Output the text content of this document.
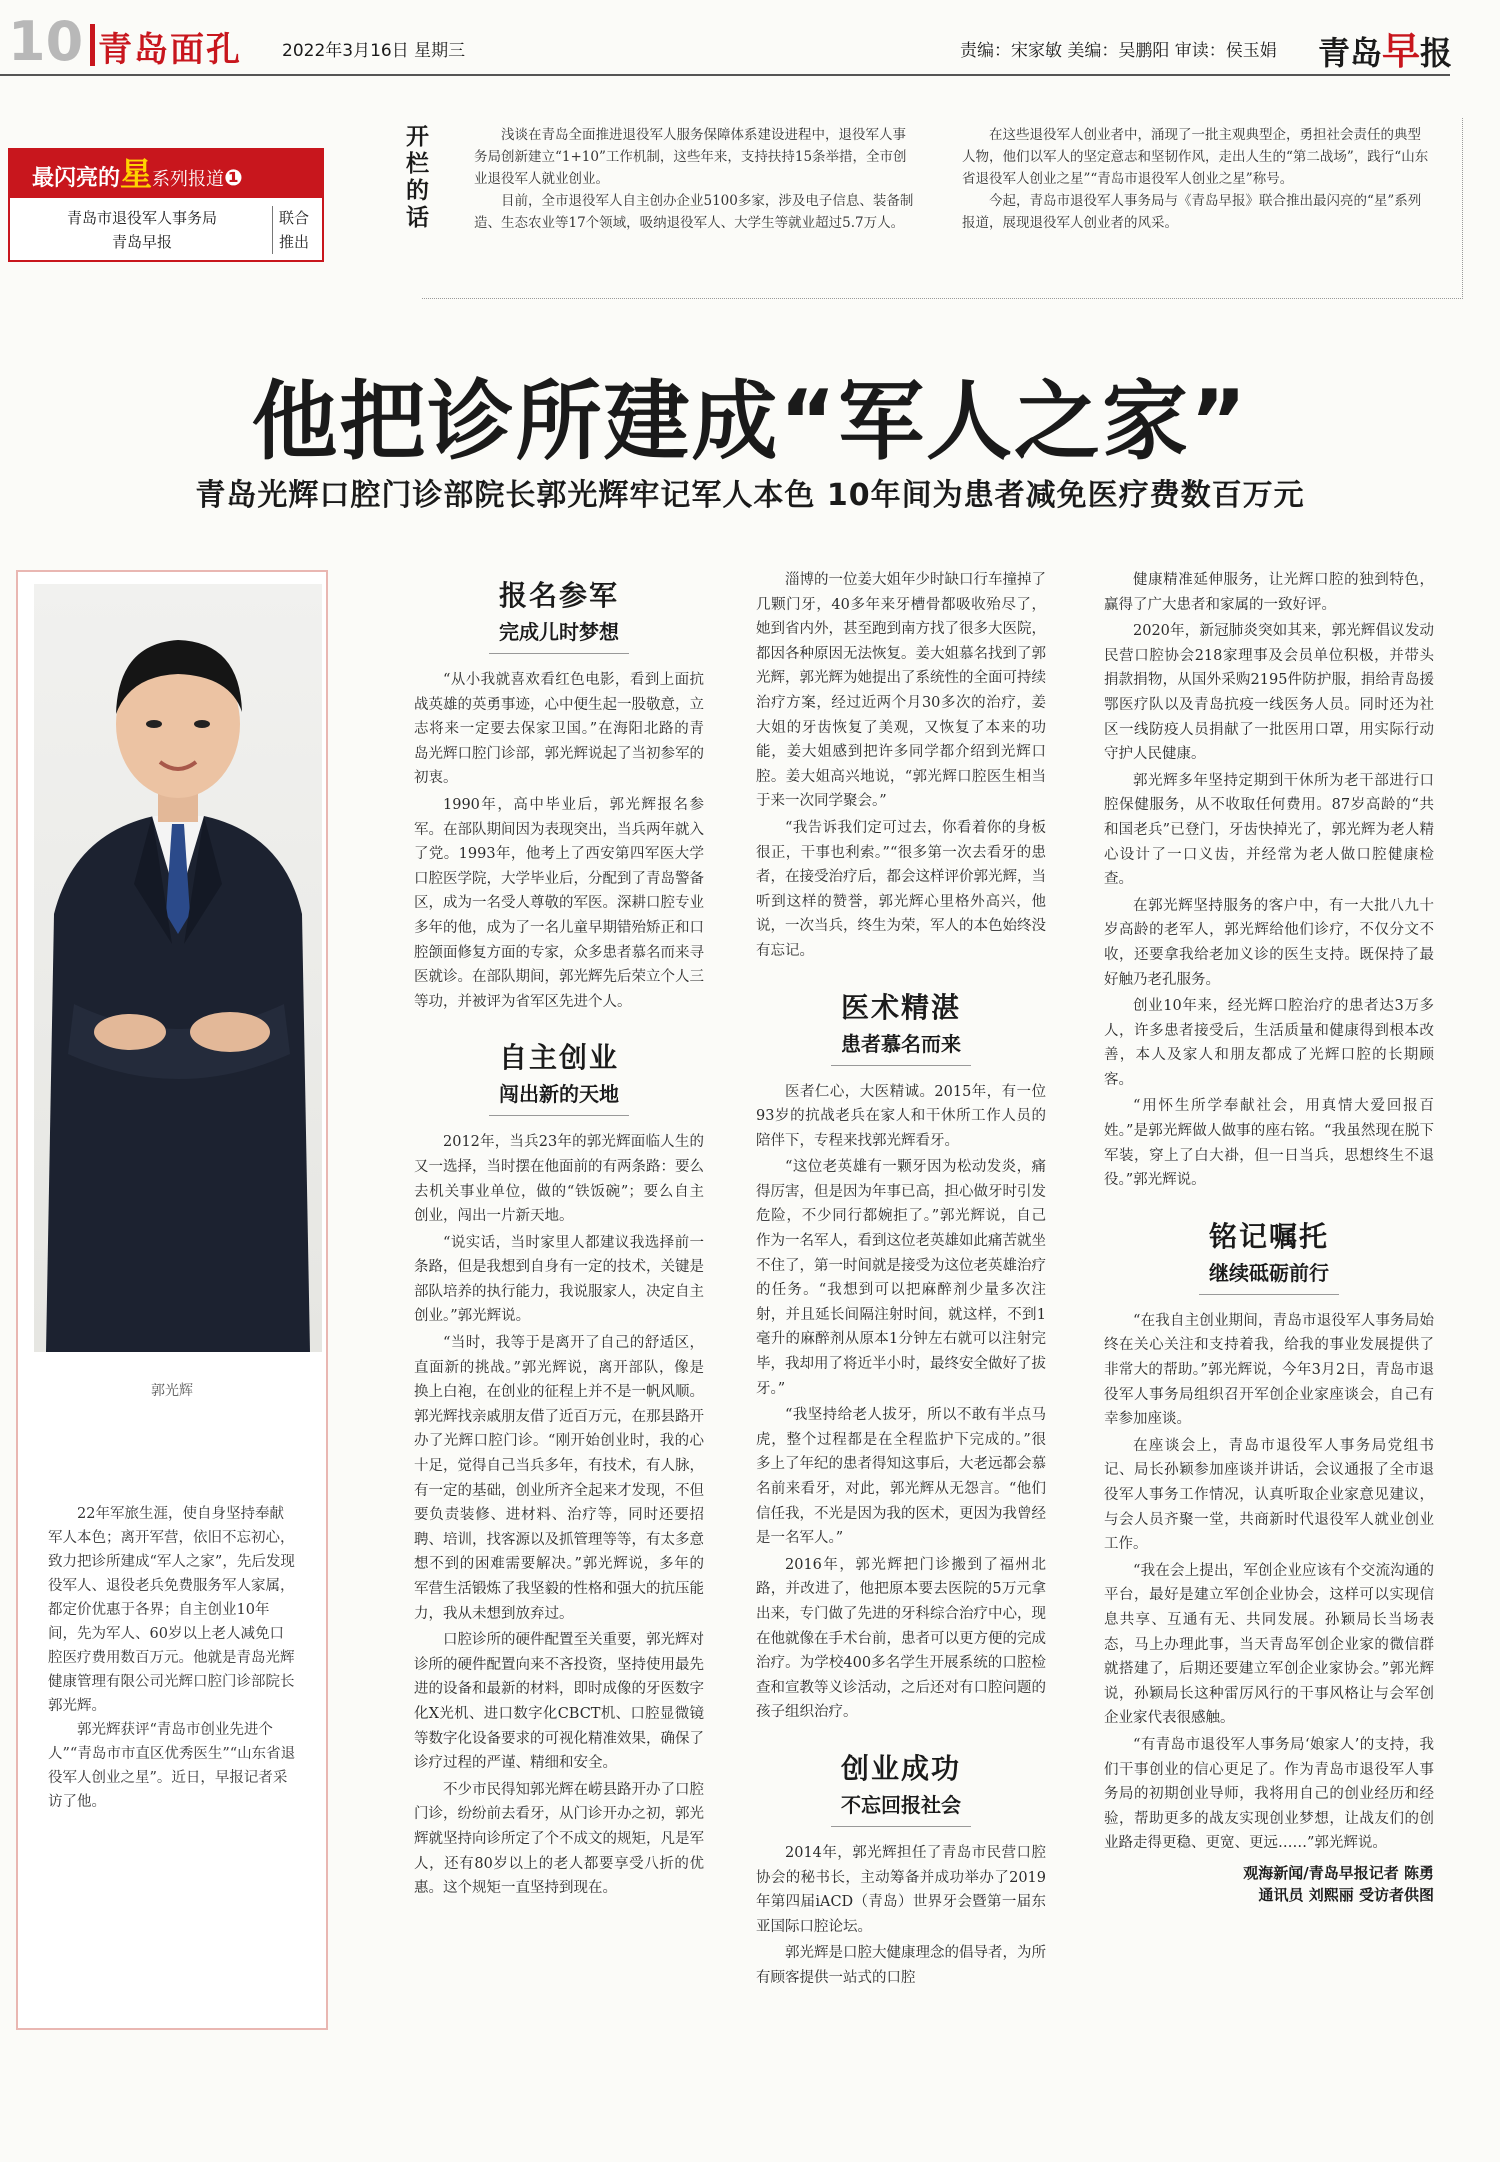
10 青岛面孔 2022年3月16日 星期三	责编：宋家敏 美编：吴鹏阳 审读：侯玉娟 青岛早报
最闪亮的星系列报道❶
青岛市退役军人事务局
青岛早报
联合推出
开栏的话

浅谈在青岛全面推进退役军人服务保障体系建设进程中，退役军人事务局创新建立“1+10”工作机制，这些年来，支持扶持15条举措，全市创业退役军人就业创业。

目前，全市退役军人自主创办企业5100多家，涉及电子信息、装备制造、生态农业等17个领域，吸纳退役军人、大学生等就业超过5.7万人。

在这些退役军人创业者中，涌现了一批主观典型企，勇担社会责任的典型人物，他们以军人的坚定意志和坚韧作风，走出人生的“第二战场”，践行“山东省退役军人创业之星”“青岛市退役军人创业之星”称号。

今起，青岛市退役军人事务局与《青岛早报》联合推出最闪亮的“星”系列报道，展现退役军人创业者的风采。

他把诊所建成“军人之家”
青岛光辉口腔门诊部院长郭光辉牢记军人本色 10年间为患者减免医疗费数百万元
郭光辉

22年军旅生涯，使自身坚持奉献军人本色；离开军营，依旧不忘初心，致力把诊所建成“军人之家”，先后发现役军人、退役老兵免费服务军人家属，都定价优惠于各界；自主创业10年间，先为军人、60岁以上老人减免口腔医疗费用数百万元。他就是青岛光辉健康管理有限公司光辉口腔门诊部院长郭光辉。

郭光辉获评“青岛市创业先进个人”“青岛市市直区优秀医生”“山东省退役军人创业之星”。近日，早报记者采访了他。

报名参军
完成儿时梦想

“从小我就喜欢看红色电影，看到上面抗战英雄的英勇事迹，心中便生起一股敬意，立志将来一定要去保家卫国。”在海阳北路的青岛光辉口腔门诊部，郭光辉说起了当初参军的初衷。

1990年，高中毕业后，郭光辉报名参军。在部队期间因为表现突出，当兵两年就入了党。1993年，他考上了西安第四军医大学口腔医学院，大学毕业后，分配到了青岛警备区，成为一名受人尊敬的军医。深耕口腔专业多年的他，成为了一名儿童早期错殆矫正和口腔颌面修复方面的专家，众多患者慕名而来寻医就诊。在部队期间，郭光辉先后荣立个人三等功，并被评为省军区先进个人。

自主创业
闯出新的天地

2012年，当兵23年的郭光辉面临人生的又一选择，当时摆在他面前的有两条路：要么去机关事业单位，做的“铁饭碗”；要么自主创业，闯出一片新天地。

“说实话，当时家里人都建议我选择前一条路，但是我想到自身有一定的技术，关键是部队培养的执行能力，我说服家人，决定自主创业。”郭光辉说。

“当时，我等于是离开了自己的舒适区，直面新的挑战。”郭光辉说，离开部队，像是换上白袍，在创业的征程上并不是一帆风顺。郭光辉找亲戚朋友借了近百万元，在那县路开办了光辉口腔门诊。“刚开始创业时，我的心十足，觉得自己当兵多年，有技术，有人脉，有一定的基础，创业所齐全起来才发现，不但要负责装修、进材料、治疗等，同时还要招聘、培训，找客源以及抓管理等等，有太多意想不到的困难需要解决。”郭光辉说，多年的军营生活锻炼了我坚毅的性格和强大的抗压能力，我从未想到放弃过。

口腔诊所的硬件配置至关重要，郭光辉对诊所的硬件配置向来不吝投资，坚持使用最先进的设备和最新的材料，即时成像的牙医数字化X光机、进口数字化CBCT机、口腔显微镜等数字化设备要求的可视化精准效果，确保了诊疗过程的严谨、精细和安全。

不少市民得知郭光辉在崂县路开办了口腔门诊，纷纷前去看牙，从门诊开办之初，郭光辉就坚持向诊所定了个不成文的规矩，凡是军人，还有80岁以上的老人都要享受八折的优惠。这个规矩一直坚持到现在。

淄博的一位姜大姐年少时缺口行车撞掉了几颗门牙，40多年来牙槽骨都吸收殆尽了，她到省内外，甚至跑到南方找了很多大医院，都因各种原因无法恢复。姜大姐慕名找到了郭光辉，郭光辉为她提出了系统性的全面可持续治疗方案，经过近两个月30多次的治疗，姜大姐的牙齿恢复了美观，又恢复了本来的功能，姜大姐感到把许多同学都介绍到光辉口腔。姜大姐高兴地说，“郭光辉口腔医生相当于来一次同学聚会。”

“我告诉我们定可过去，你看着你的身板很正，干事也利索。”“很多第一次去看牙的患者，在接受治疗后，都会这样评价郭光辉，当听到这样的赞誉，郭光辉心里格外高兴，他说，一次当兵，终生为荣，军人的本色始终没有忘记。

医术精湛
患者慕名而来

医者仁心，大医精诚。2015年，有一位93岁的抗战老兵在家人和干休所工作人员的陪伴下，专程来找郭光辉看牙。

“这位老英雄有一颗牙因为松动发炎，痛得厉害，但是因为年事已高，担心做牙时引发危险，不少同行都婉拒了。”郭光辉说，自己作为一名军人，看到这位老英雄如此痛苦就坐不住了，第一时间就是接受为这位老英雄治疗的任务。“我想到可以把麻醉剂少量多次注射，并且延长间隔注射时间，就这样，不到1毫升的麻醉剂从原本1分钟左右就可以注射完毕，我却用了将近半小时，最终安全做好了拔牙。”

“我坚持给老人拔牙，所以不敢有半点马虎，整个过程都是在全程监护下完成的。”很多上了年纪的患者得知这事后，大老远都会慕名前来看牙，对此，郭光辉从无怨言。“他们信任我，不光是因为我的医术，更因为我曾经是一名军人。”

2016年，郭光辉把门诊搬到了福州北路，并改进了，他把原本要去医院的5万元拿出来，专门做了先进的牙科综合治疗中心，现在他就像在手术台前，患者可以更方便的完成治疗。为学校400多名学生开展系统的口腔检查和宣教等义诊活动，之后还对有口腔问题的孩子组织治疗。

创业成功
不忘回报社会

2014年，郭光辉担任了青岛市民营口腔协会的秘书长，主动筹备并成功举办了2019年第四届iACD（青岛）世界牙会暨第一届东亚国际口腔论坛。

郭光辉是口腔大健康理念的倡导者，为所有顾客提供一站式的口腔

健康精准延伸服务，让光辉口腔的独到特色，赢得了广大患者和家属的一致好评。

2020年，新冠肺炎突如其来，郭光辉倡议发动民营口腔协会218家理事及会员单位积极，并带头捐款捐物，从国外采购2195件防护服，捐给青岛援鄂医疗队以及青岛抗疫一线医务人员。同时还为社区一线防疫人员捐献了一批医用口罩，用实际行动守护人民健康。

郭光辉多年坚持定期到干休所为老干部进行口腔保健服务，从不收取任何费用。87岁高龄的“共和国老兵”已登门，牙齿快掉光了，郭光辉为老人精心设计了一口义齿，并经常为老人做口腔健康检查。

在郭光辉坚持服务的客户中，有一大批八九十岁高龄的老军人，郭光辉给他们诊疗，不仅分文不收，还要拿我给老加义诊的医生支持。既保持了最好触乃老孔服务。

创业10年来，经光辉口腔治疗的患者达3万多人，许多患者接受后，生活质量和健康得到根本改善，本人及家人和朋友都成了光辉口腔的长期顾客。

“用怀生所学奉献社会，用真情大爱回报百姓。”是郭光辉做人做事的座右铭。“我虽然现在脱下军装，穿上了白大褂，但一日当兵，思想终生不退役。”郭光辉说。

铭记嘱托
继续砥砺前行

“在我自主创业期间，青岛市退役军人事务局始终在关心关注和支持着我，给我的事业发展提供了非常大的帮助。”郭光辉说，今年3月2日，青岛市退役军人事务局组织召开军创企业家座谈会，自己有幸参加座谈。

在座谈会上，青岛市退役军人事务局党组书记、局长孙颖参加座谈并讲话，会议通报了全市退役军人事务工作情况，认真听取企业家意见建议，与会人员齐聚一堂，共商新时代退役军人就业创业工作。

“我在会上提出，军创企业应该有个交流沟通的平台，最好是建立军创企业协会，这样可以实现信息共享、互通有无、共同发展。孙颖局长当场表态，马上办理此事，当天青岛军创企业家的微信群就搭建了，后期还要建立军创企业家协会。”郭光辉说，孙颖局长这种雷厉风行的干事风格让与会军创企业家代表很感触。

“有青岛市退役军人事务局‘娘家人’的支持，我们干事创业的信心更足了。作为青岛市退役军人事务局的初期创业导师，我将用自己的创业经历和经验，帮助更多的战友实现创业梦想，让战友们的创业路走得更稳、更宽、更远……”郭光辉说。

观海新闻/青岛早报记者 陈勇
通讯员 刘熙丽 受访者供图
